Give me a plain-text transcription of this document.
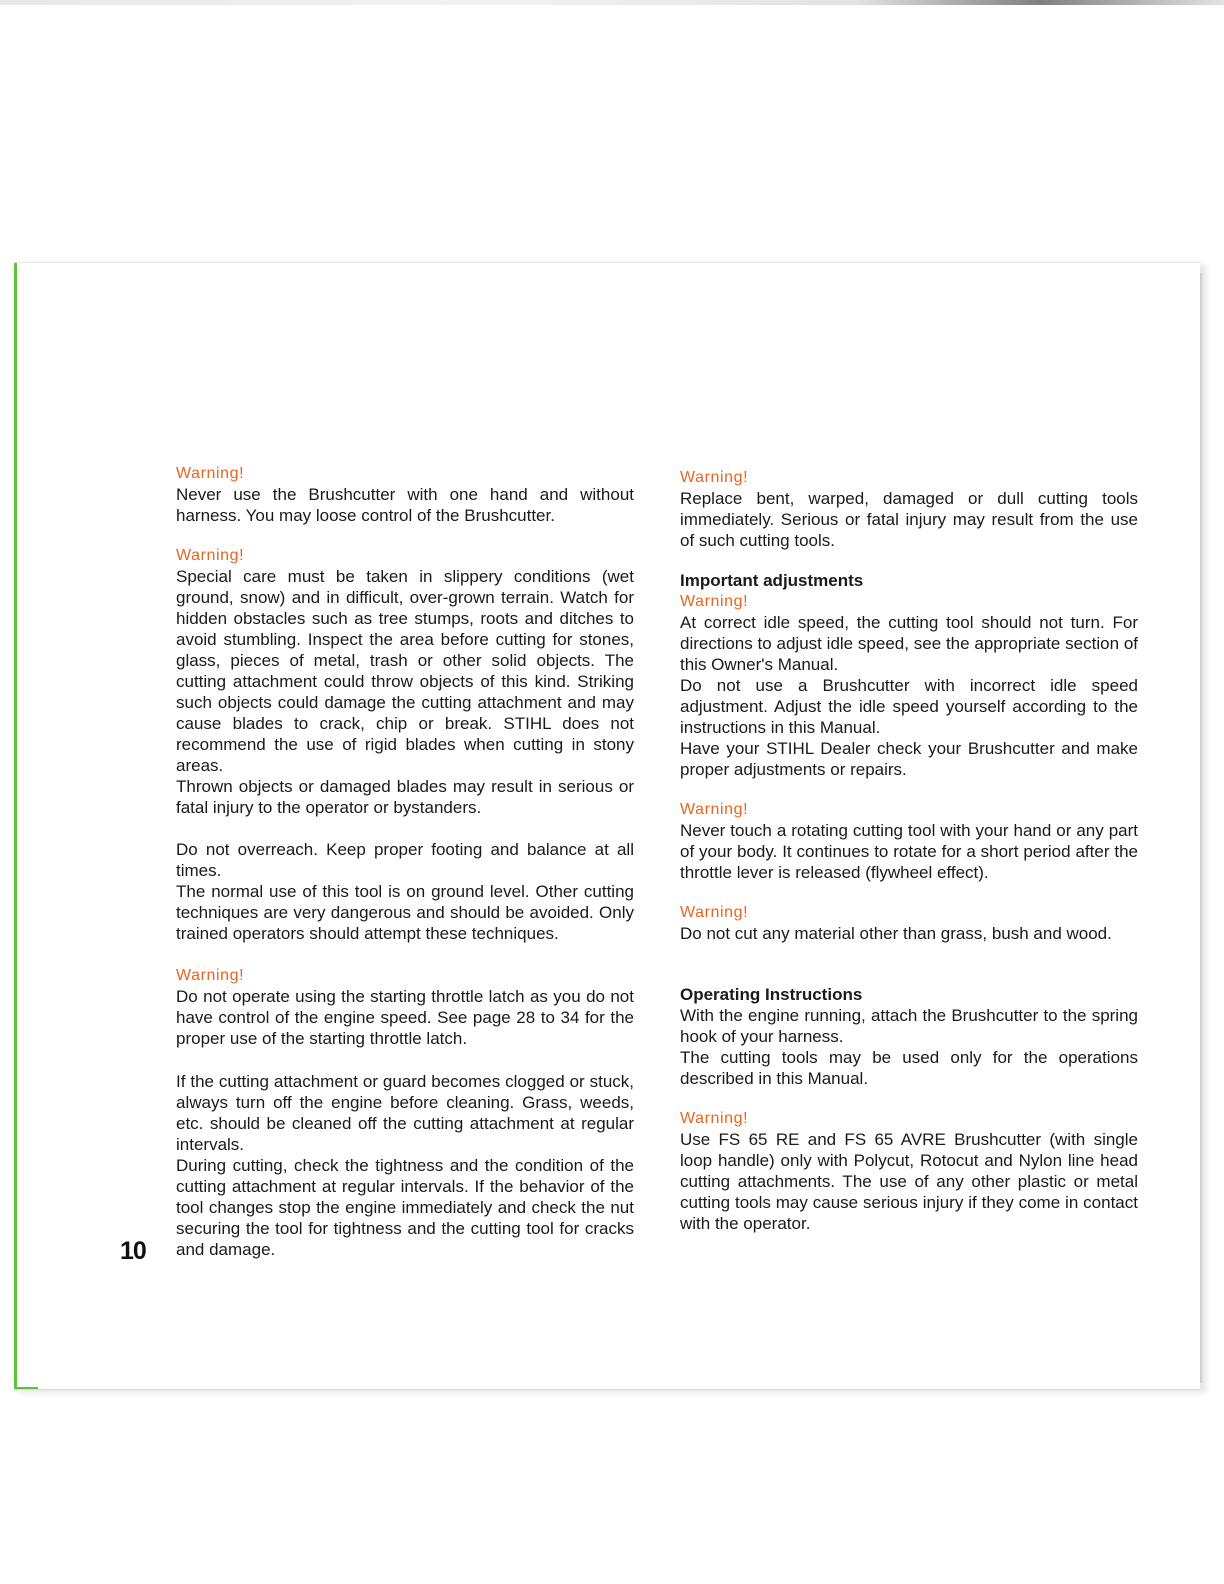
Warning!

Never use the Brushcutter with one hand and without harness. You may loose control of the Brushcutter.

Warning!

Special care must be taken in slippery conditions (wet ground, snow) and in difficult, over-grown terrain. Watch for hidden obstacles such as tree stumps, roots and ditches to avoid stumbling. Inspect the area before cutting for stones, glass, pieces of metal, trash or other solid objects. The cutting attachment could throw objects of this kind. Striking such objects could damage the cutting attachment and may cause blades to crack, chip or break. STIHL does not recommend the use of rigid blades when cutting in stony areas.

Thrown objects or damaged blades may result in serious or fatal injury to the operator or bystanders.

Do not overreach. Keep proper footing and balance at all times.

The normal use of this tool is on ground level. Other cutting techniques are very dangerous and should be avoided. Only trained operators should attempt these techniques.

Warning!

Do not operate using the starting throttle latch as you do not have control of the engine speed. See page 28 to 34 for the proper use of the starting throttle latch.

If the cutting attachment or guard becomes clogged or stuck, always turn off the engine before cleaning. Grass, weeds, etc. should be cleaned off the cutting attachment at regular intervals.

During cutting, check the tightness and the condition of the cutting attachment at regular intervals. If the behavior of the tool changes stop the engine immediately and check the nut securing the tool for tightness and the cutting tool for cracks and damage.

10

Warning!

Replace bent, warped, damaged or dull cutting tools immediately. Serious or fatal injury may result from the use of such cutting tools.

Important adjustments

Warning!

At correct idle speed, the cutting tool should not turn. For directions to adjust idle speed, see the appropriate section of this Owner's Manual.

Do not use a Brushcutter with incorrect idle speed adjustment. Adjust the idle speed yourself according to the instructions in this Manual.

Have your STIHL Dealer check your Brushcutter and make proper adjustments or repairs.

Warning!

Never touch a rotating cutting tool with your hand or any part of your body. It continues to rotate for a short period after the throttle lever is released (flywheel effect).

Warning!

Do not cut any material other than grass, bush and wood.

Operating Instructions

With the engine running, attach the Brushcutter to the spring hook of your harness.

The cutting tools may be used only for the operations described in this Manual.

Warning!

Use FS 65 RE and FS 65 AVRE Brushcutter (with single loop handle) only with Polycut, Rotocut and Nylon line head cutting attachments. The use of any other plastic or metal cutting tools may cause serious injury if they come in contact with the operator.
